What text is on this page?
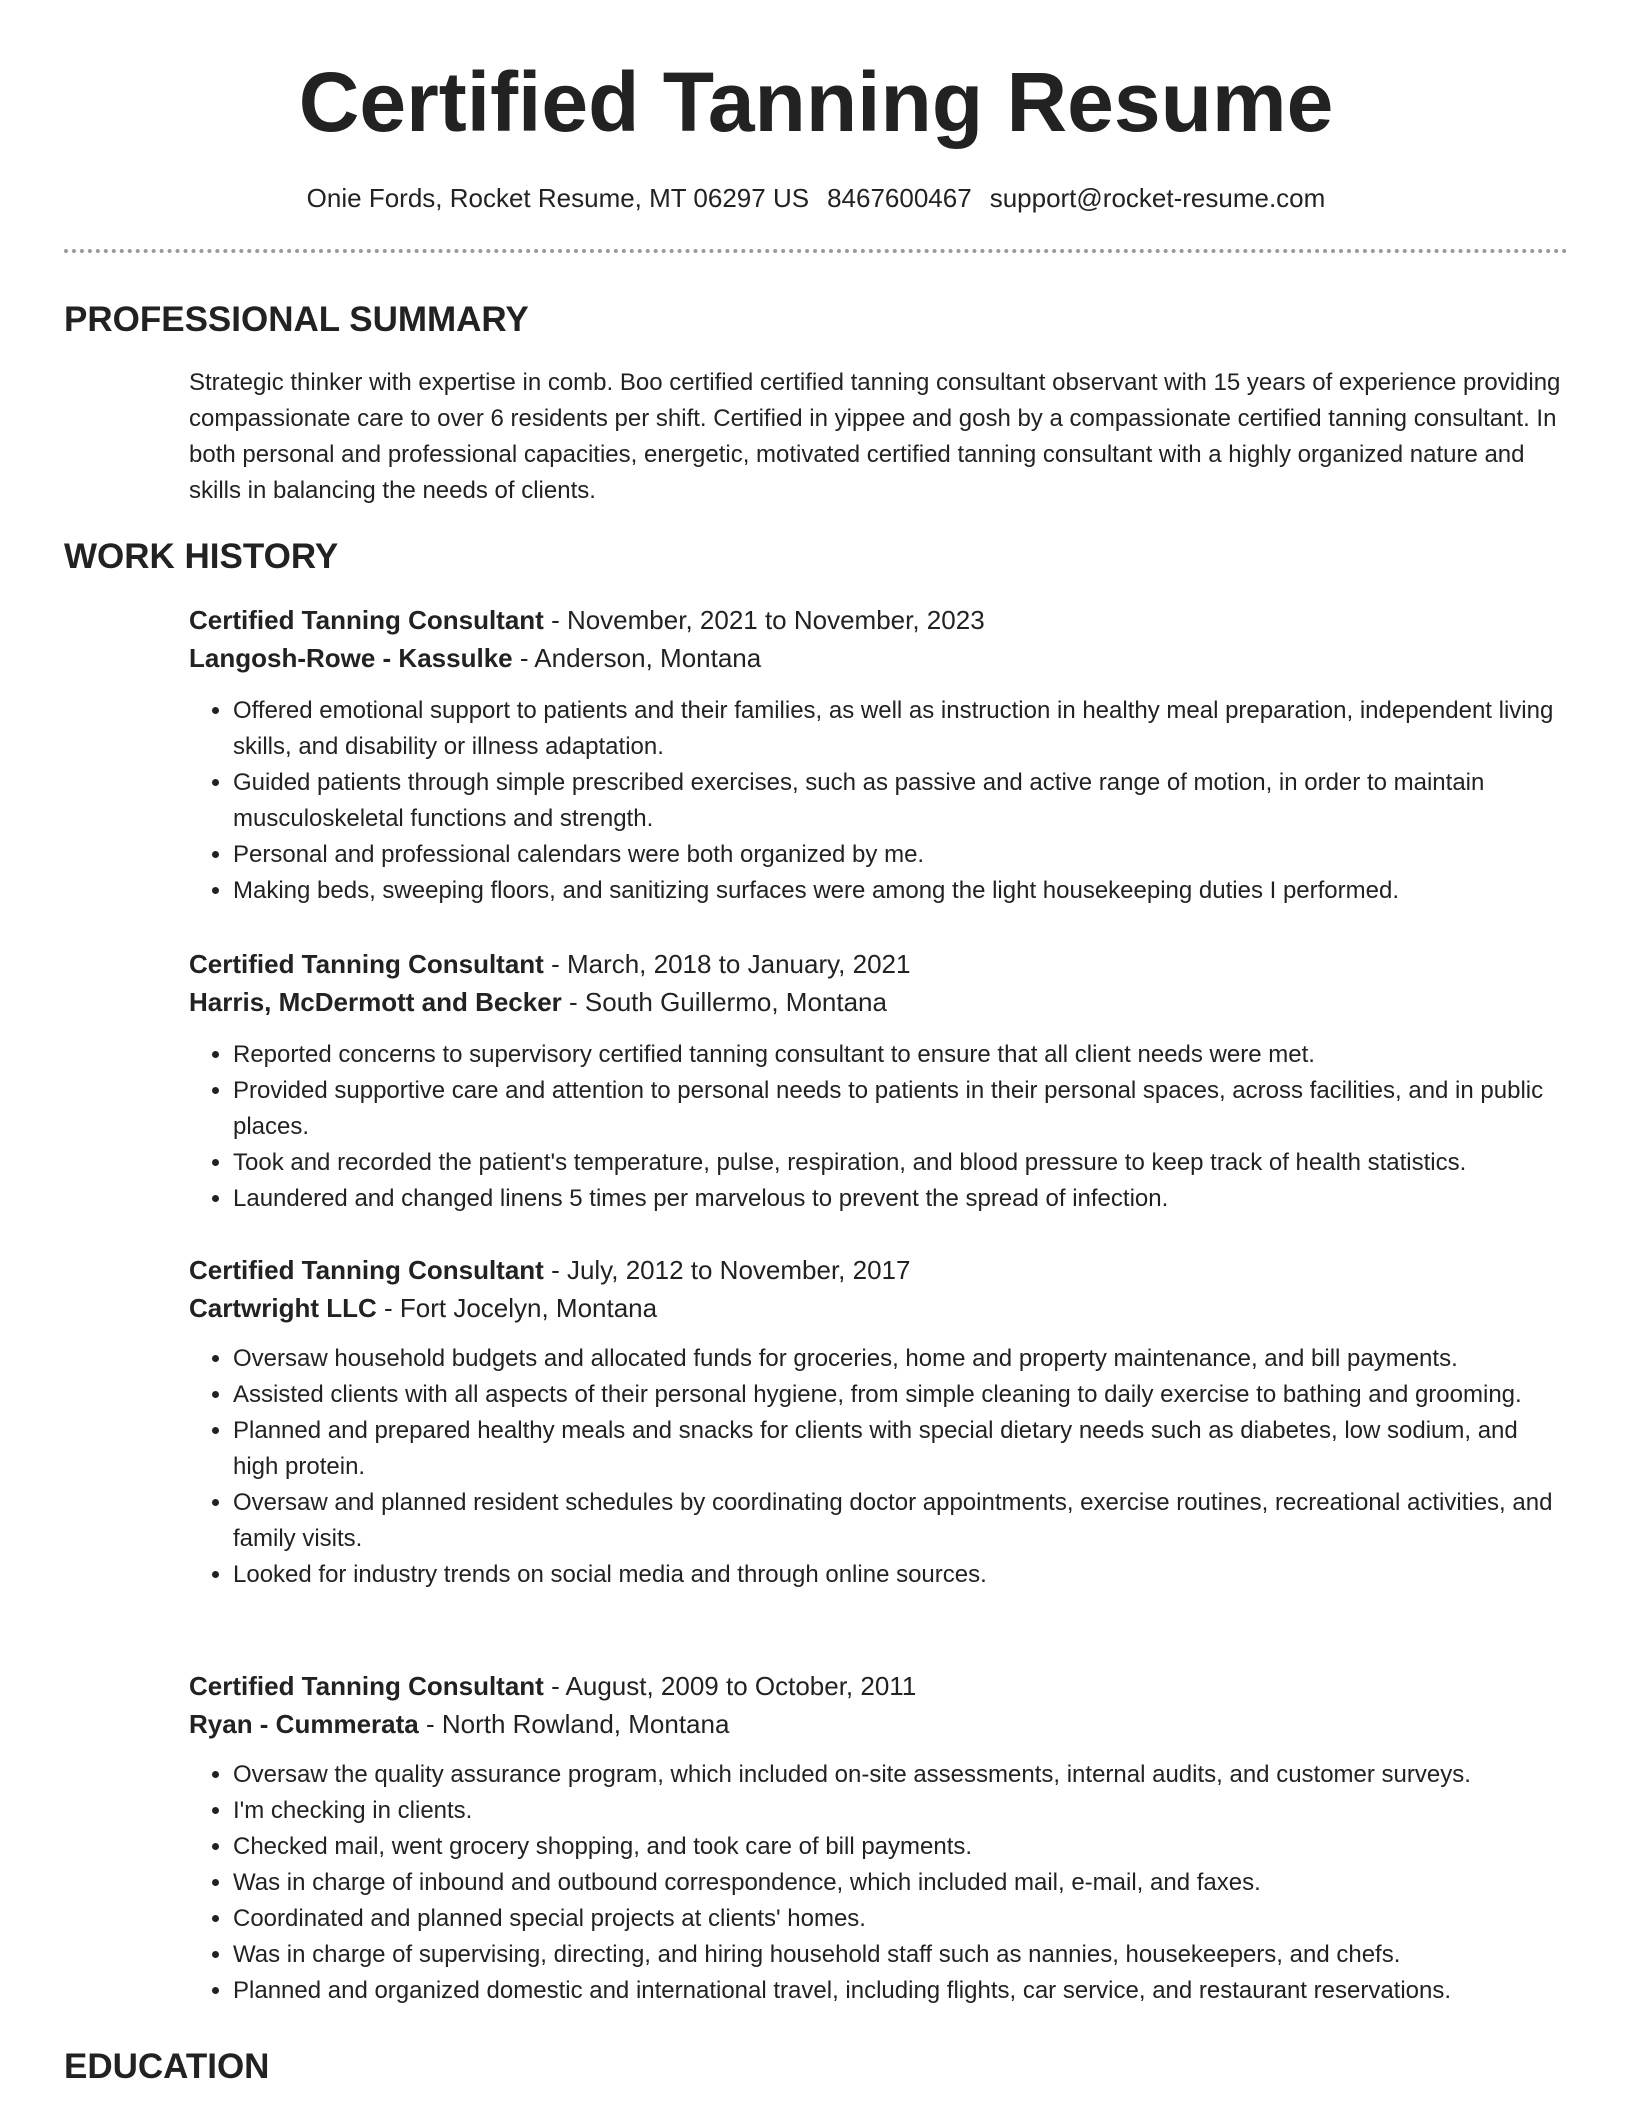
Certified Tanning Resume
Onie Fords, Rocket Resume, MT 06297 US 8467600467 support@rocket-resume.com
PROFESSIONAL SUMMARY

Strategic thinker with expertise in comb. Boo certified certified tanning consultant observant with 15 years of experience providing compassionate care to over 6 residents per shift. Certified in yippee and gosh by a compassionate certified tanning consultant. In both personal and professional capacities, energetic, motivated certified tanning consultant with a highly organized nature and skills in balancing the needs of clients.

WORK HISTORY

Certified Tanning Consultant - November, 2021 to November, 2023

Langosh-Rowe - Kassulke - Anderson, Montana

• Offered emotional support to patients and their families, as well as instruction in healthy meal preparation, independent living skills, and disability or illness adaptation.
• Guided patients through simple prescribed exercises, such as passive and active range of motion, in order to maintain musculoskeletal functions and strength.
• Personal and professional calendars were both organized by me.
• Making beds, sweeping floors, and sanitizing surfaces were among the light housekeeping duties I performed.

Certified Tanning Consultant - March, 2018 to January, 2021

Harris, McDermott and Becker - South Guillermo, Montana

• Reported concerns to supervisory certified tanning consultant to ensure that all client needs were met.
• Provided supportive care and attention to personal needs to patients in their personal spaces, across facilities, and in public places.
• Took and recorded the patient's temperature, pulse, respiration, and blood pressure to keep track of health statistics.
• Laundered and changed linens 5 times per marvelous to prevent the spread of infection.

Certified Tanning Consultant - July, 2012 to November, 2017

Cartwright LLC - Fort Jocelyn, Montana

• Oversaw household budgets and allocated funds for groceries, home and property maintenance, and bill payments.
• Assisted clients with all aspects of their personal hygiene, from simple cleaning to daily exercise to bathing and grooming.
• Planned and prepared healthy meals and snacks for clients with special dietary needs such as diabetes, low sodium, and high protein.
• Oversaw and planned resident schedules by coordinating doctor appointments, exercise routines, recreational activities, and family visits.
• Looked for industry trends on social media and through online sources.

Certified Tanning Consultant - August, 2009 to October, 2011

Ryan - Cummerata - North Rowland, Montana

• Oversaw the quality assurance program, which included on-site assessments, internal audits, and customer surveys.
• I'm checking in clients.
• Checked mail, went grocery shopping, and took care of bill payments.
• Was in charge of inbound and outbound correspondence, which included mail, e-mail, and faxes.
• Coordinated and planned special projects at clients' homes.
• Was in charge of supervising, directing, and hiring household staff such as nannies, housekeepers, and chefs.
• Planned and organized domestic and international travel, including flights, car service, and restaurant reservations.
EDUCATION
